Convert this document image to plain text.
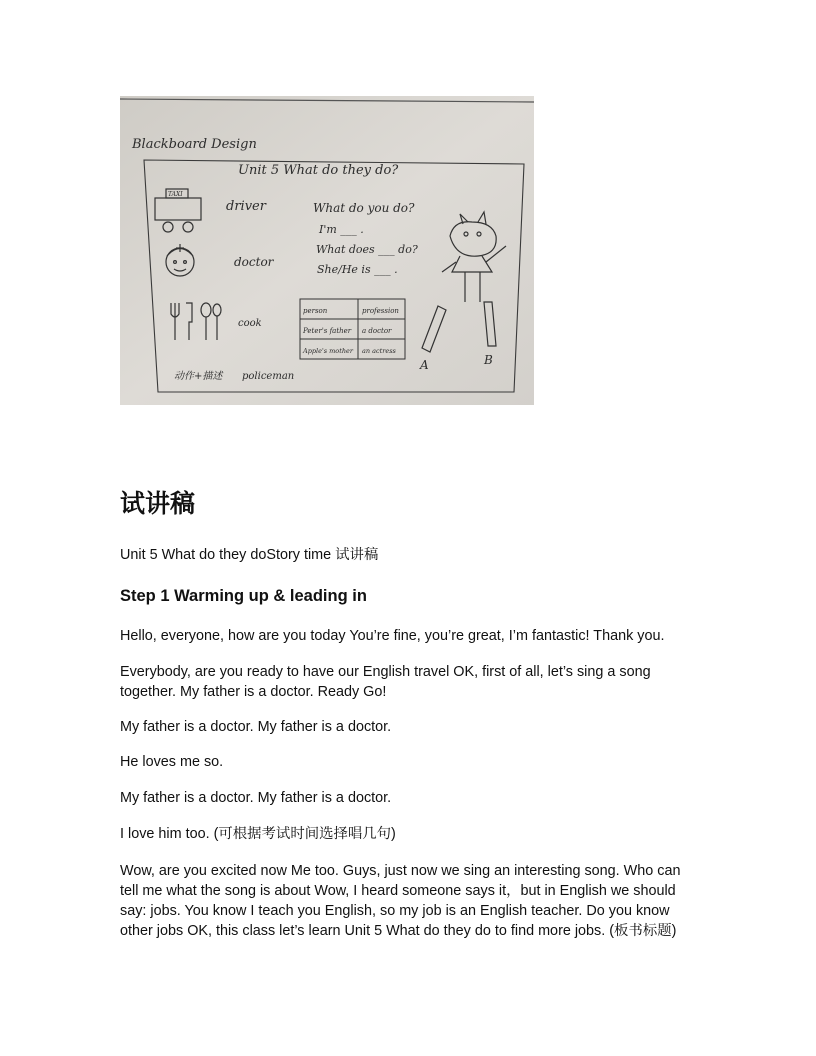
Blackboard Design
Unit 5 What do they do?
TAXI
driver
doctor
cook
What do you do?
I'm ___ .
What does ___ do?
She/He is ___ .
person	profession
Peter's father a doctor
Apple's mother an actress
A	B
动作+描述 policeman
试讲稿

Unit 5 What do they doStory time 试讲稿

Step 1 Warming up & leading in

Hello, everyone, how are you today You’re fine, you’re great, I’m fantastic! Thank you.

Everybody, are you ready to have our English travel OK, first of all, let’s sing a song together. My father is a doctor. Ready Go!

My father is a doctor. My father is a doctor.

He loves me so.

My father is a doctor. My father is a doctor.

I love him too. (可根据考试时间选择唱几句)

Wow, are you excited now Me too. Guys, just now we sing an interesting song. Who can tell me what the song is about Wow, I heard someone says it，but in English we should say: jobs. You know I teach you English, so my job is an English teacher. Do you know other jobs OK, this class let’s learn Unit 5 What do they do to find more jobs. (板书标题)
